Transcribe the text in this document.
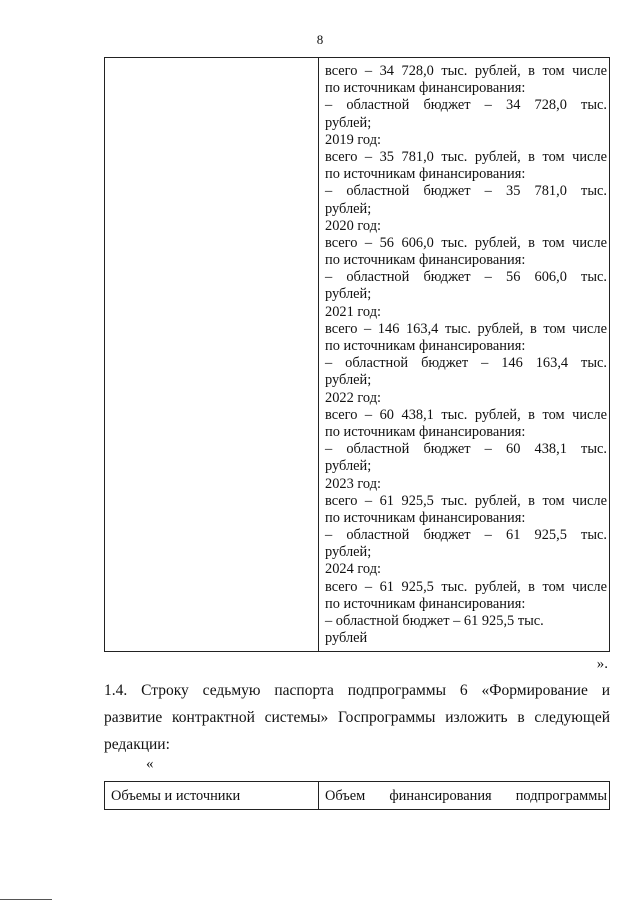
8
всего – 34 728,0 тыс. рублей, в том числе
по источникам финансирования:
– областной бюджет – 34 728,0 тыс.
рублей;
2019 год:
всего – 35 781,0 тыс. рублей, в том числе
по источникам финансирования:
– областной бюджет – 35 781,0 тыс.
рублей;
2020 год:
всего – 56 606,0 тыс. рублей, в том числе
по источникам финансирования:
– областной бюджет – 56 606,0 тыс.
рублей;
2021 год:
всего – 146 163,4 тыс. рублей, в том числе
по источникам финансирования:
– областной бюджет – 146 163,4 тыс.
рублей;
2022 год:
всего – 60 438,1 тыс. рублей, в том числе
по источникам финансирования:
– областной бюджет – 60 438,1 тыс.
рублей;
2023 год:
всего – 61 925,5 тыс. рублей, в том числе
по источникам финансирования:
– областной бюджет – 61 925,5 тыс.
рублей;
2024 год:
всего – 61 925,5 тыс. рублей, в том числе
по источникам финансирования:
– областной бюджет – 61 925,5 тыс.
рублей
».
1.4. Строку седьмую паспорта подпрограммы 6 «Формирование и
развитие контрактной системы» Госпрограммы изложить в следующей
редакции:
«
Объемы и источники	Объем финансирования подпрограммы
